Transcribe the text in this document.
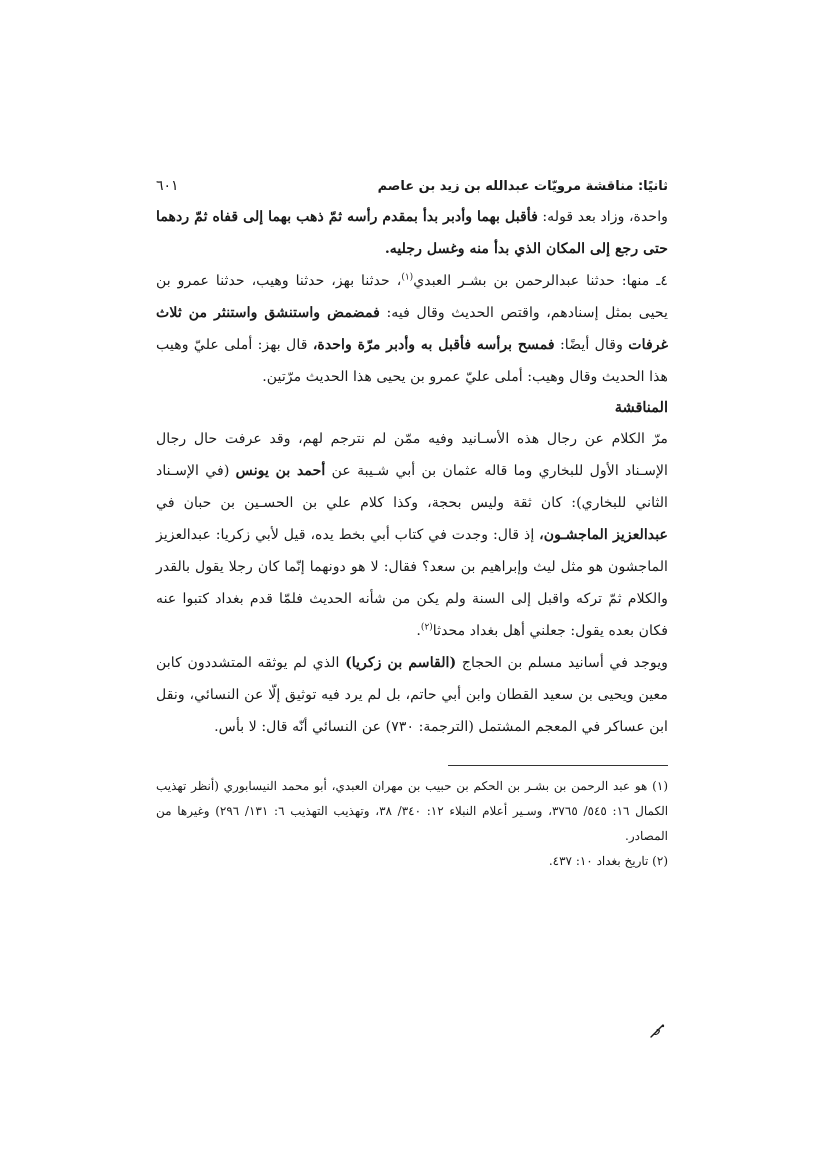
ثانيًا: مناقشة مرويّات عبدالله بن زيد بن عاصم
٦٠١

واحدة، وزاد بعد قوله: فأقبل بهما وأدبر بدأ بمقدم رأسه ثمّ ذهب بهما إلى قفاه ثمّ ردهما حتى رجع إلى المكان الذي بدأ منه وغسل رجليه.

٤ـ منها: حدثنا عبدالرحمن بن بشـر العبدي$^{(١)}$، حدثنا بهز، حدثنا وهيب، حدثنا عمرو بن يحيى بمثل إسنادهم، واقتص الحديث وقال فيه: فمضمض واستنشق واستنثر من ثلاث غرفات وقال أيضًا: فمسح برأسه فأقبل به وأدبر مرّة واحدة، قال بهز: أملى عليّ وهيب هذا الحديث وقال وهيب: أملى عليّ عمرو بن يحيى هذا الحديث مرّتين.

المناقشة

مرّ الكلام عن رجال هذه الأسـانيد وفيه ممّن لم نترجم لهم، وقد عرفت حال رجال الإسـناد الأول للبخاري وما قاله عثمان بن أبي شـيبة عن أحمد بن يونس (في الإسـناد الثاني للبخاري): كان ثقة وليس بحجة، وكذا كلام علي بن الحسـين بن حبان في عبدالعزيز الماجشـون، إذ قال: وجدت في كتاب أبي بخط يده، قيل لأبي زكريا: عبدالعزيز الماجشون هو مثل ليث وإبراهيم بن سعد؟ فقال: لا هو دونهما إنّما كان رجلا يقول بالقدر والكلام ثمّ تركه واقبل إلى السنة ولم يكن من شأنه الحديث فلمّا قدم بغداد كتبوا عنه فكان بعده يقول: جعلني أهل بغداد محدثا$^{(٢)}$.

ويوجد في أسانيد مسلم بن الحجاج (القاسم بن زكريا) الذي لم يوثقه المتشددون كابن معين ويحيى بن سعيد القطان وابن أبي حاتم، بل لم يرد فيه توثيق إلّا عن النسائي، ونقل ابن عساكر في المعجم المشتمل (الترجمة: ٧٣٠) عن النسائي أنّه قال: لا بأس.

(١) هو عبد الرحمن بن بشـر بن الحكم بن حبيب بن مهران العبدي، أبو محمد النيسابوري (أنظر تهذيب الكمال ١٦: ٥٤٥/ ٣٧٦٥، وسـير أعلام النبلاء ١٢: ٣٤٠/ ٣٨، وتهذيب التهذيب ٦: ١٣١/ ٢٩٦) وغيرها من المصادر.

(٢) تاريخ بغداد ١٠: ٤٣٧.
